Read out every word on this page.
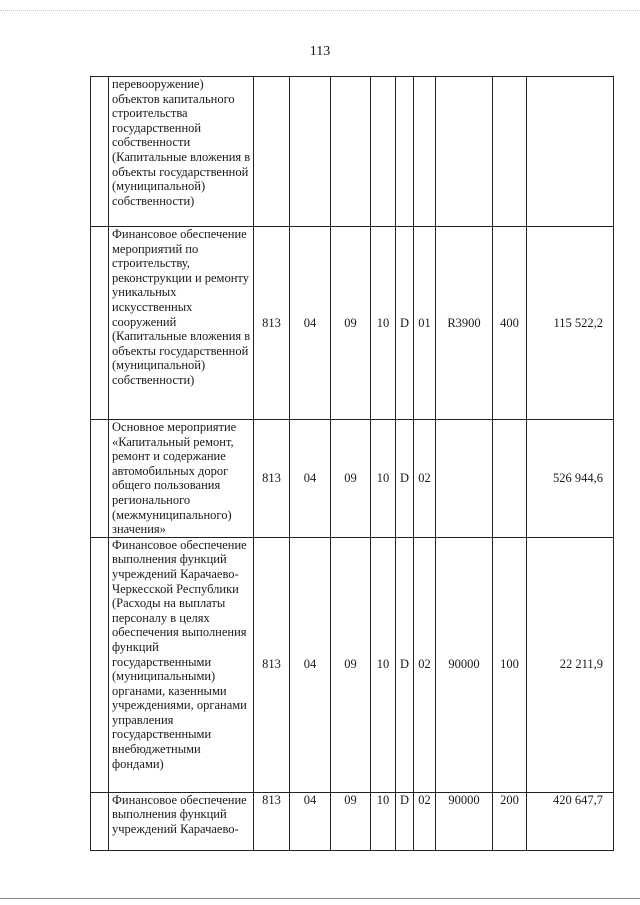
113
	перевооружение) объектов капитального строительства государственной собственности (Капитальные вложения в объекты государственной (муниципальной) собственности)									
	Финансовое обеспечение мероприятий по строительству, реконструкции и ремонту уникальных искусственных сооружений (Капитальные вложения в объекты государственной (муниципальной) собственности)	813	04	09	10	D	01	R3900	400	115 522,2
	Основное мероприятие «Капитальный ремонт, ремонт и содержание автомобильных дорог общего пользования регионального (межмуниципального) значения»	813	04	09	10	D	02			526 944,6
	Финансовое обеспечение выполнения функций учреждений Карачаево-Черкесской Республики (Расходы на выплаты персоналу в целях обеспечения выполнения функций государственными (муниципальными) органами, казенными учреждениями, органами управления государственными внебюджетными фондами)	813	04	09	10	D	02	90000	100	22 211,9
	Финансовое обеспечение выполнения функций учреждений Карачаево-	813	04	09	10	D	02	90000	200	420 647,7
